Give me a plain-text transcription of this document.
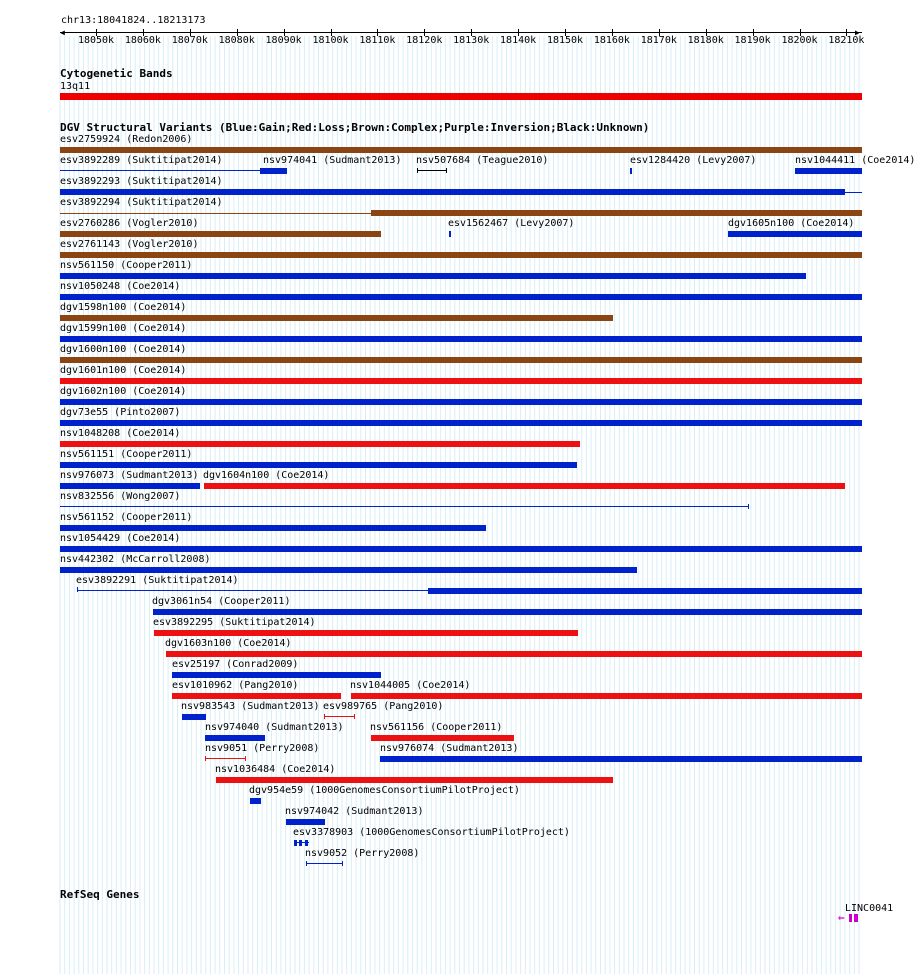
chr13:18041824..18213173
◀	▶
18050k 18060k 18070k 18080k 18090k 18100k 18110k 18120k 18130k 18140k 18150k 18160k 18170k 18180k 18190k 18200k 18210k
Cytogenetic Bands
13q11
DGV Structural Variants (Blue:Gain;Red:Loss;Brown:Complex;Purple:Inversion;Black:Unknown)
esv2759924 (Redon2006)
esv3892289 (Suktitipat2014)	nsv974041 (Sudmant2013) nsv507684 (Teague2010)	esv1284420 (Levy2007)	nsv1044411 (Coe2014)
esv3892293 (Suktitipat2014)
esv3892294 (Suktitipat2014)
esv2760286 (Vogler2010)	esv1562467 (Levy2007)	dgv1605n100 (Coe2014)
esv2761143 (Vogler2010)
nsv561150 (Cooper2011)
nsv1050248 (Coe2014)
dgv1598n100 (Coe2014)
dgv1599n100 (Coe2014)
dgv1600n100 (Coe2014)
dgv1601n100 (Coe2014)
dgv1602n100 (Coe2014)
dgv73e55 (Pinto2007)
nsv1048208 (Coe2014)
nsv561151 (Cooper2011)
nsv976073 (Sudmant2013) dgv1604n100 (Coe2014)
nsv832556 (Wong2007)
nsv561152 (Cooper2011)
nsv1054429 (Coe2014)
nsv442302 (McCarroll2008)
esv3892291 (Suktitipat2014)
dgv3061n54 (Cooper2011)
esv3892295 (Suktitipat2014)
dgv1603n100 (Coe2014)
esv25197 (Conrad2009)
esv1010962 (Pang2010)	nsv1044005 (Coe2014)
nsv983543 (Sudmant2013) esv989765 (Pang2010)
nsv974040 (Sudmant2013)	nsv561156 (Cooper2011)
nsv9051 (Perry2008)	nsv976074 (Sudmant2013)
nsv1036484 (Coe2014)
dgv954e59 (1000GenomesConsortiumPilotProject)
nsv974042 (Sudmant2013)
esv3378903 (1000GenomesConsortiumPilotProject)
nsv9052 (Perry2008)
RefSeq Genes
LINC0041
⇐
